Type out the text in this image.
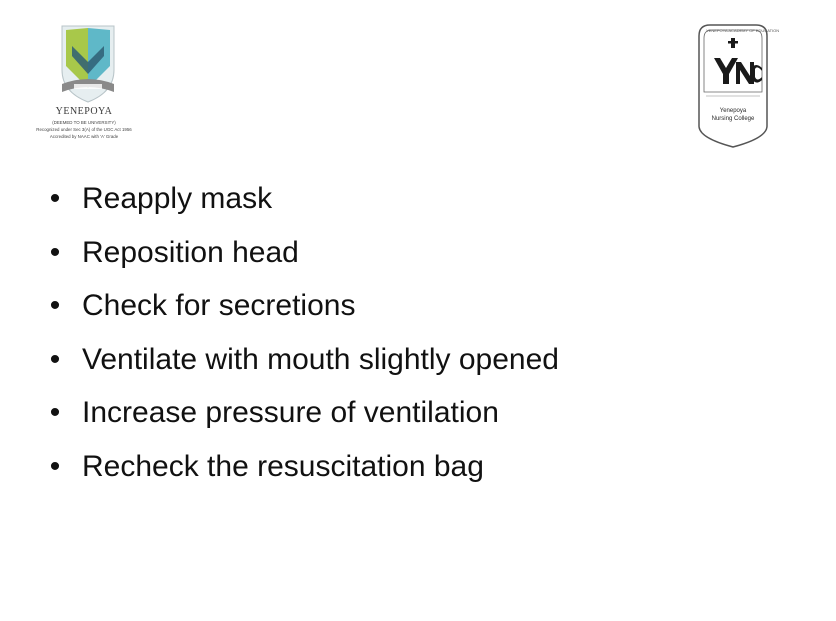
YENEPOYA
(DEEMED TO BE UNIVERSITY)
Recognized under Sec 3(A) of the UGC Act 1956
Accredited by NAAC with 'A' Grade
YENEPOYA ACADEMY OF EDUCATION
Yenepoya
Nursing College
• Reapply mask
• Reposition head
• Check for secretions
• Ventilate with mouth slightly opened
• Increase pressure of ventilation
• Recheck the resuscitation bag
